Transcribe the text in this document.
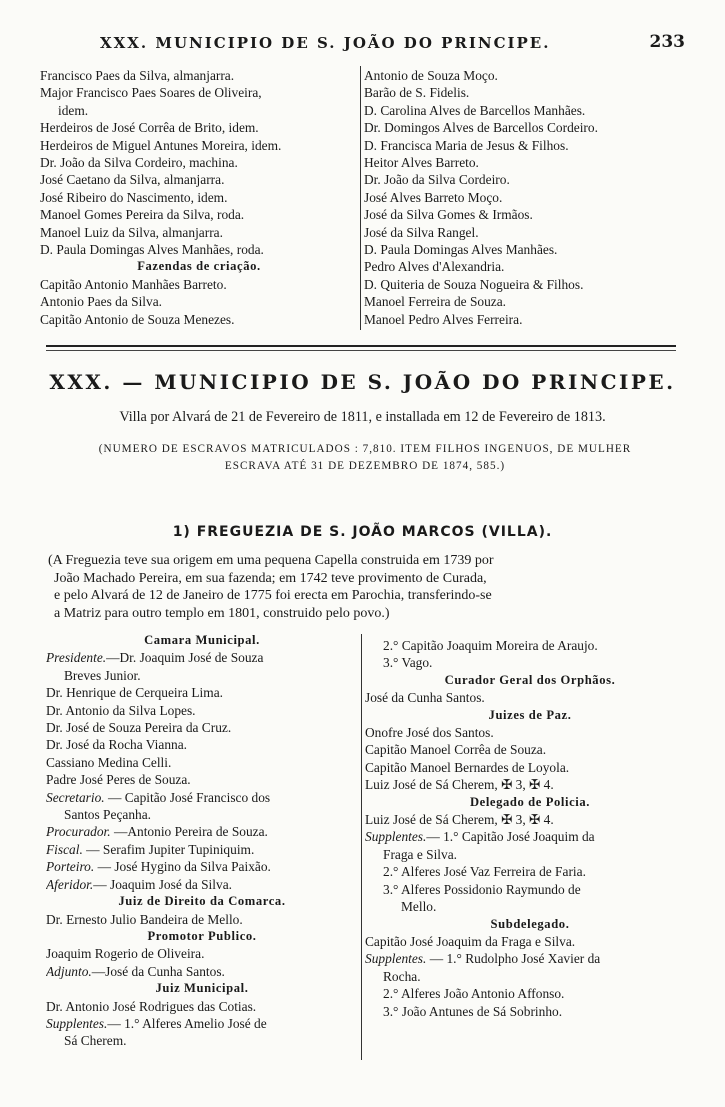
XXX. MUNICIPIO DE S. JOÃO DO PRINCIPE.	233
Francisco Paes da Silva, almanjarra.
Major Francisco Paes Soares de Oliveira,
idem.
Herdeiros de José Corrêa de Brito, idem.
Herdeiros de Miguel Antunes Moreira, idem.
Dr. João da Silva Cordeiro, machina.
José Caetano da Silva, almanjarra.
José Ribeiro do Nascimento, idem.
Manoel Gomes Pereira da Silva, roda.
Manoel Luiz da Silva, almanjarra.
D. Paula Domingas Alves Manhães, roda.
Fazendas de criação.
Capitão Antonio Manhães Barreto.
Antonio Paes da Silva.
Capitão Antonio de Souza Menezes.
Antonio de Souza Moço.
Barão de S. Fidelis.
D. Carolina Alves de Barcellos Manhães.
Dr. Domingos Alves de Barcellos Cordeiro.
D. Francisca Maria de Jesus & Filhos.
Heitor Alves Barreto.
Dr. João da Silva Cordeiro.
José Alves Barreto Moço.
José da Silva Gomes & Irmãos.
José da Silva Rangel.
D. Paula Domingas Alves Manhães.
Pedro Alves d'Alexandria.
D. Quiteria de Souza Nogueira & Filhos.
Manoel Ferreira de Souza.
Manoel Pedro Alves Ferreira.
XXX. — MUNICIPIO DE S. JOÃO DO PRINCIPE.
Villa por Alvará de 21 de Fevereiro de 1811, e installada em 12 de Fevereiro de 1813.
(NUMERO DE ESCRAVOS MATRICULADOS : 7,810. ITEM FILHOS INGENUOS, DE MULHER
ESCRAVA ATÉ 31 DE DEZEMBRO DE 1874, 585.)
1) FREGUEZIA DE S. JOÃO MARCOS (VILLA).
(A Freguezia teve sua origem em uma pequena Capella construida em 1739 por
João Machado Pereira, em sua fazenda; em 1742 teve provimento de Curada,
e pelo Alvará de 12 de Janeiro de 1775 foi erecta em Parochia, transferindo-se
a Matriz para outro templo em 1801, construido pelo povo.)
Camara Municipal.
Presidente.—Dr. Joaquim José de Souza
Breves Junior.
Dr. Henrique de Cerqueira Lima.
Dr. Antonio da Silva Lopes.
Dr. José de Souza Pereira da Cruz.
Dr. José da Rocha Vianna.
Cassiano Medina Celli.
Padre José Peres de Souza.
Secretario. — Capitão José Francisco dos
Santos Peçanha.
Procurador. —Antonio Pereira de Souza.
Fiscal. — Serafim Jupiter Tupiniquim.
Porteiro. — José Hygino da Silva Paixão.
Aferidor.— Joaquim José da Silva.
Juiz de Direito da Comarca.
Dr. Ernesto Julio Bandeira de Mello.
Promotor Publico.
Joaquim Rogerio de Oliveira.
Adjunto.—José da Cunha Santos.
Juiz Municipal.
Dr. Antonio José Rodrigues das Cotias.
Supplentes.— 1.° Alferes Amelio José de
Sá Cherem.
2.° Capitão Joaquim Moreira de Araujo.
3.° Vago.
Curador Geral dos Orphãos.
José da Cunha Santos.
Juizes de Paz.
Onofre José dos Santos.
Capitão Manoel Corrêa de Souza.
Capitão Manoel Bernardes de Loyola.
Luiz José de Sá Cherem, ✠ 3, ✠ 4.
Delegado de Policia.
Luiz José de Sá Cherem, ✠ 3, ✠ 4.
Supplentes.— 1.° Capitão José Joaquim da
Fraga e Silva.
2.° Alferes José Vaz Ferreira de Faria.
3.° Alferes Possidonio Raymundo de
Mello.
Subdelegado.
Capitão José Joaquim da Fraga e Silva.
Supplentes. — 1.° Rudolpho José Xavier da
Rocha.
2.° Alferes João Antonio Affonso.
3.° João Antunes de Sá Sobrinho.
